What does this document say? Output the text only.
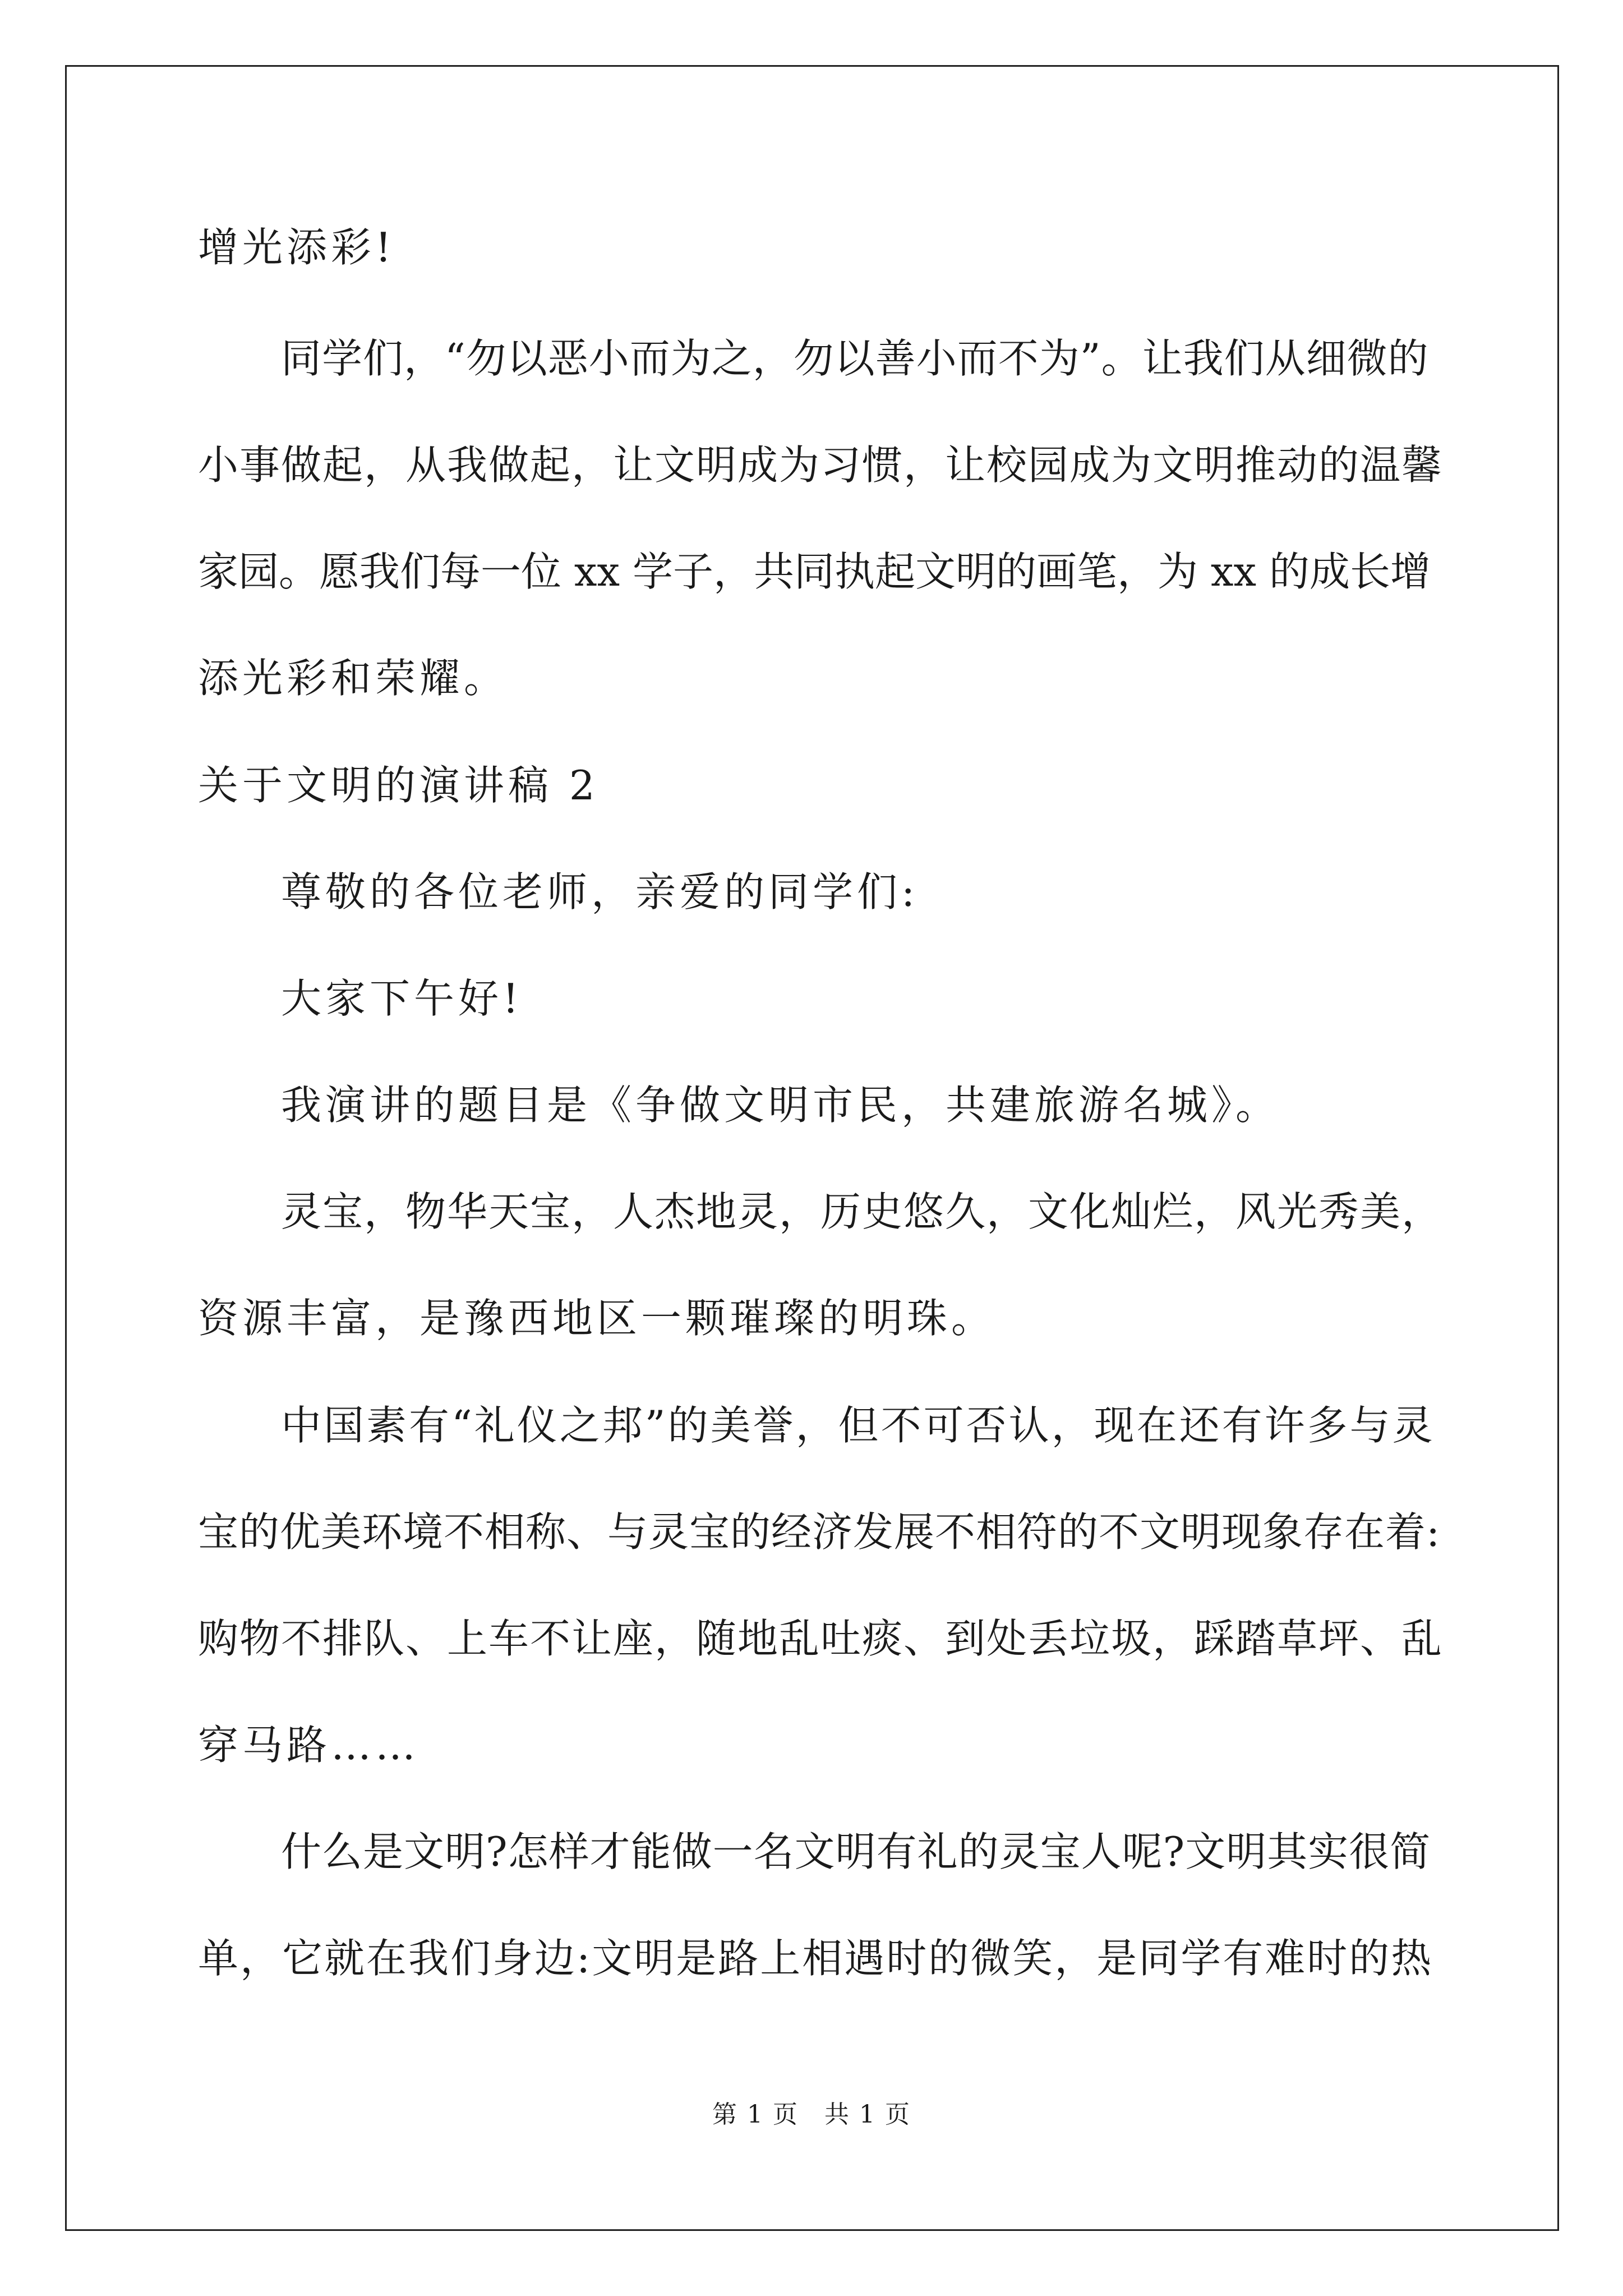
增光添彩!
同学们，“勿以恶小而为之，勿以善小而不为”。让我们从细微的
小事做起，从我做起，让文明成为习惯，让校园成为文明推动的温馨
家园。愿我们每一位 xx 学子，共同执起文明的画笔，为 xx 的成长增
添光彩和荣耀。
关于文明的演讲稿 2
尊敬的各位老师，亲爱的同学们:
大家下午好!
我演讲的题目是《争做文明市民，共建旅游名城》。
灵宝，物华天宝，人杰地灵，历史悠久，文化灿烂，风光秀美，
资源丰富，是豫西地区一颗璀璨的明珠。
中国素有“礼仪之邦”的美誉，但不可否认，现在还有许多与灵
宝的优美环境不相称、与灵宝的经济发展不相符的不文明现象存在着:
购物不排队、上车不让座，随地乱吐痰、到处丢垃圾，踩踏草坪、乱
穿马路……
什么是文明?怎样才能做一名文明有礼的灵宝人呢?文明其实很简
单，它就在我们身边:文明是路上相遇时的微笑，是同学有难时的热
第 1 页　共 1 页
